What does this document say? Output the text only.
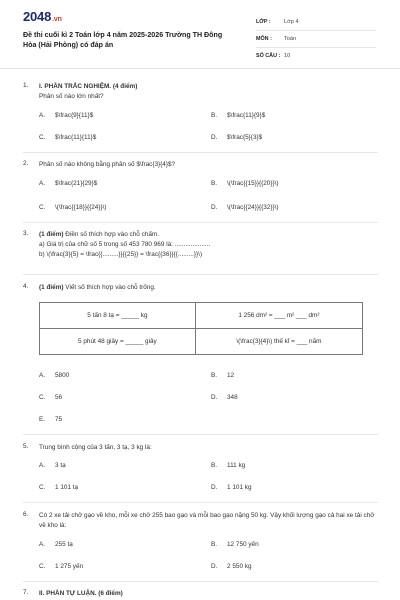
2048.vn
Đề thi cuối kì 2 Toán lớp 4 năm 2025-2026 Trường TH Đông Hòa (Hải Phòng) có đáp án
LỚP :	Lớp 4
MÔN :	Toán
SỐ CÂU : 10
1.	I. PHẦN TRẮC NGHIỆM. (4 điểm)
Phân số nào lớn nhất?
A.	$\frac{9}{11}$	B.	$\frac{11}{9}$
C.	$\frac{11}{11}$	D.	$\frac{5}{3}$
2.	Phân số nào không bằng phân số $\frac{3}{4}$?
A.	$\frac{21}{29}$	B.	\(\frac{{15}}{{20}}\)
C.	\(\frac{{18}}{{24}}\)	D.	\(\frac{{24}}{{32}}\)
3.	(1 điểm) Điền số thích hợp vào chỗ chấm.
a) Giá trị của chữ số 5 trong số 453 780 969 là: ....................
b) \(\frac{3}{5} = \frac{{.........}}{{25}} = \frac{{36}}{{.........}}\)
4.	(1 điểm) Viết số thích hợp vào chỗ trống.
5 tấn 8 tạ = _____ kg	1 256 dm² = ___ m² ___ dm²
5 phút 48 giây = _____ giây	\(\frac{3}{4}\) thế kỉ = ___ năm
A.	5800	B.	12
C.	56	D.	348
E.	75
5.	Trung bình cộng của 3 tấn, 3 tạ, 3 kg là:
A.	3 tạ	B.	111 kg
C.	1 101 tạ	D.	1 101 kg
6.	Có 2 xe tải chở gạo về kho, mỗi xe chở 255 bao gạo và mỗi bao gạo nặng 50 kg. Vậy khối lượng gạo cả hai xe tải chở về kho là:
A.	255 tạ	B.	12 750 yến
C.	1 275 yến	D.	2 550 kg
7.	II. PHẦN TỰ LUẬN. (6 điểm)
